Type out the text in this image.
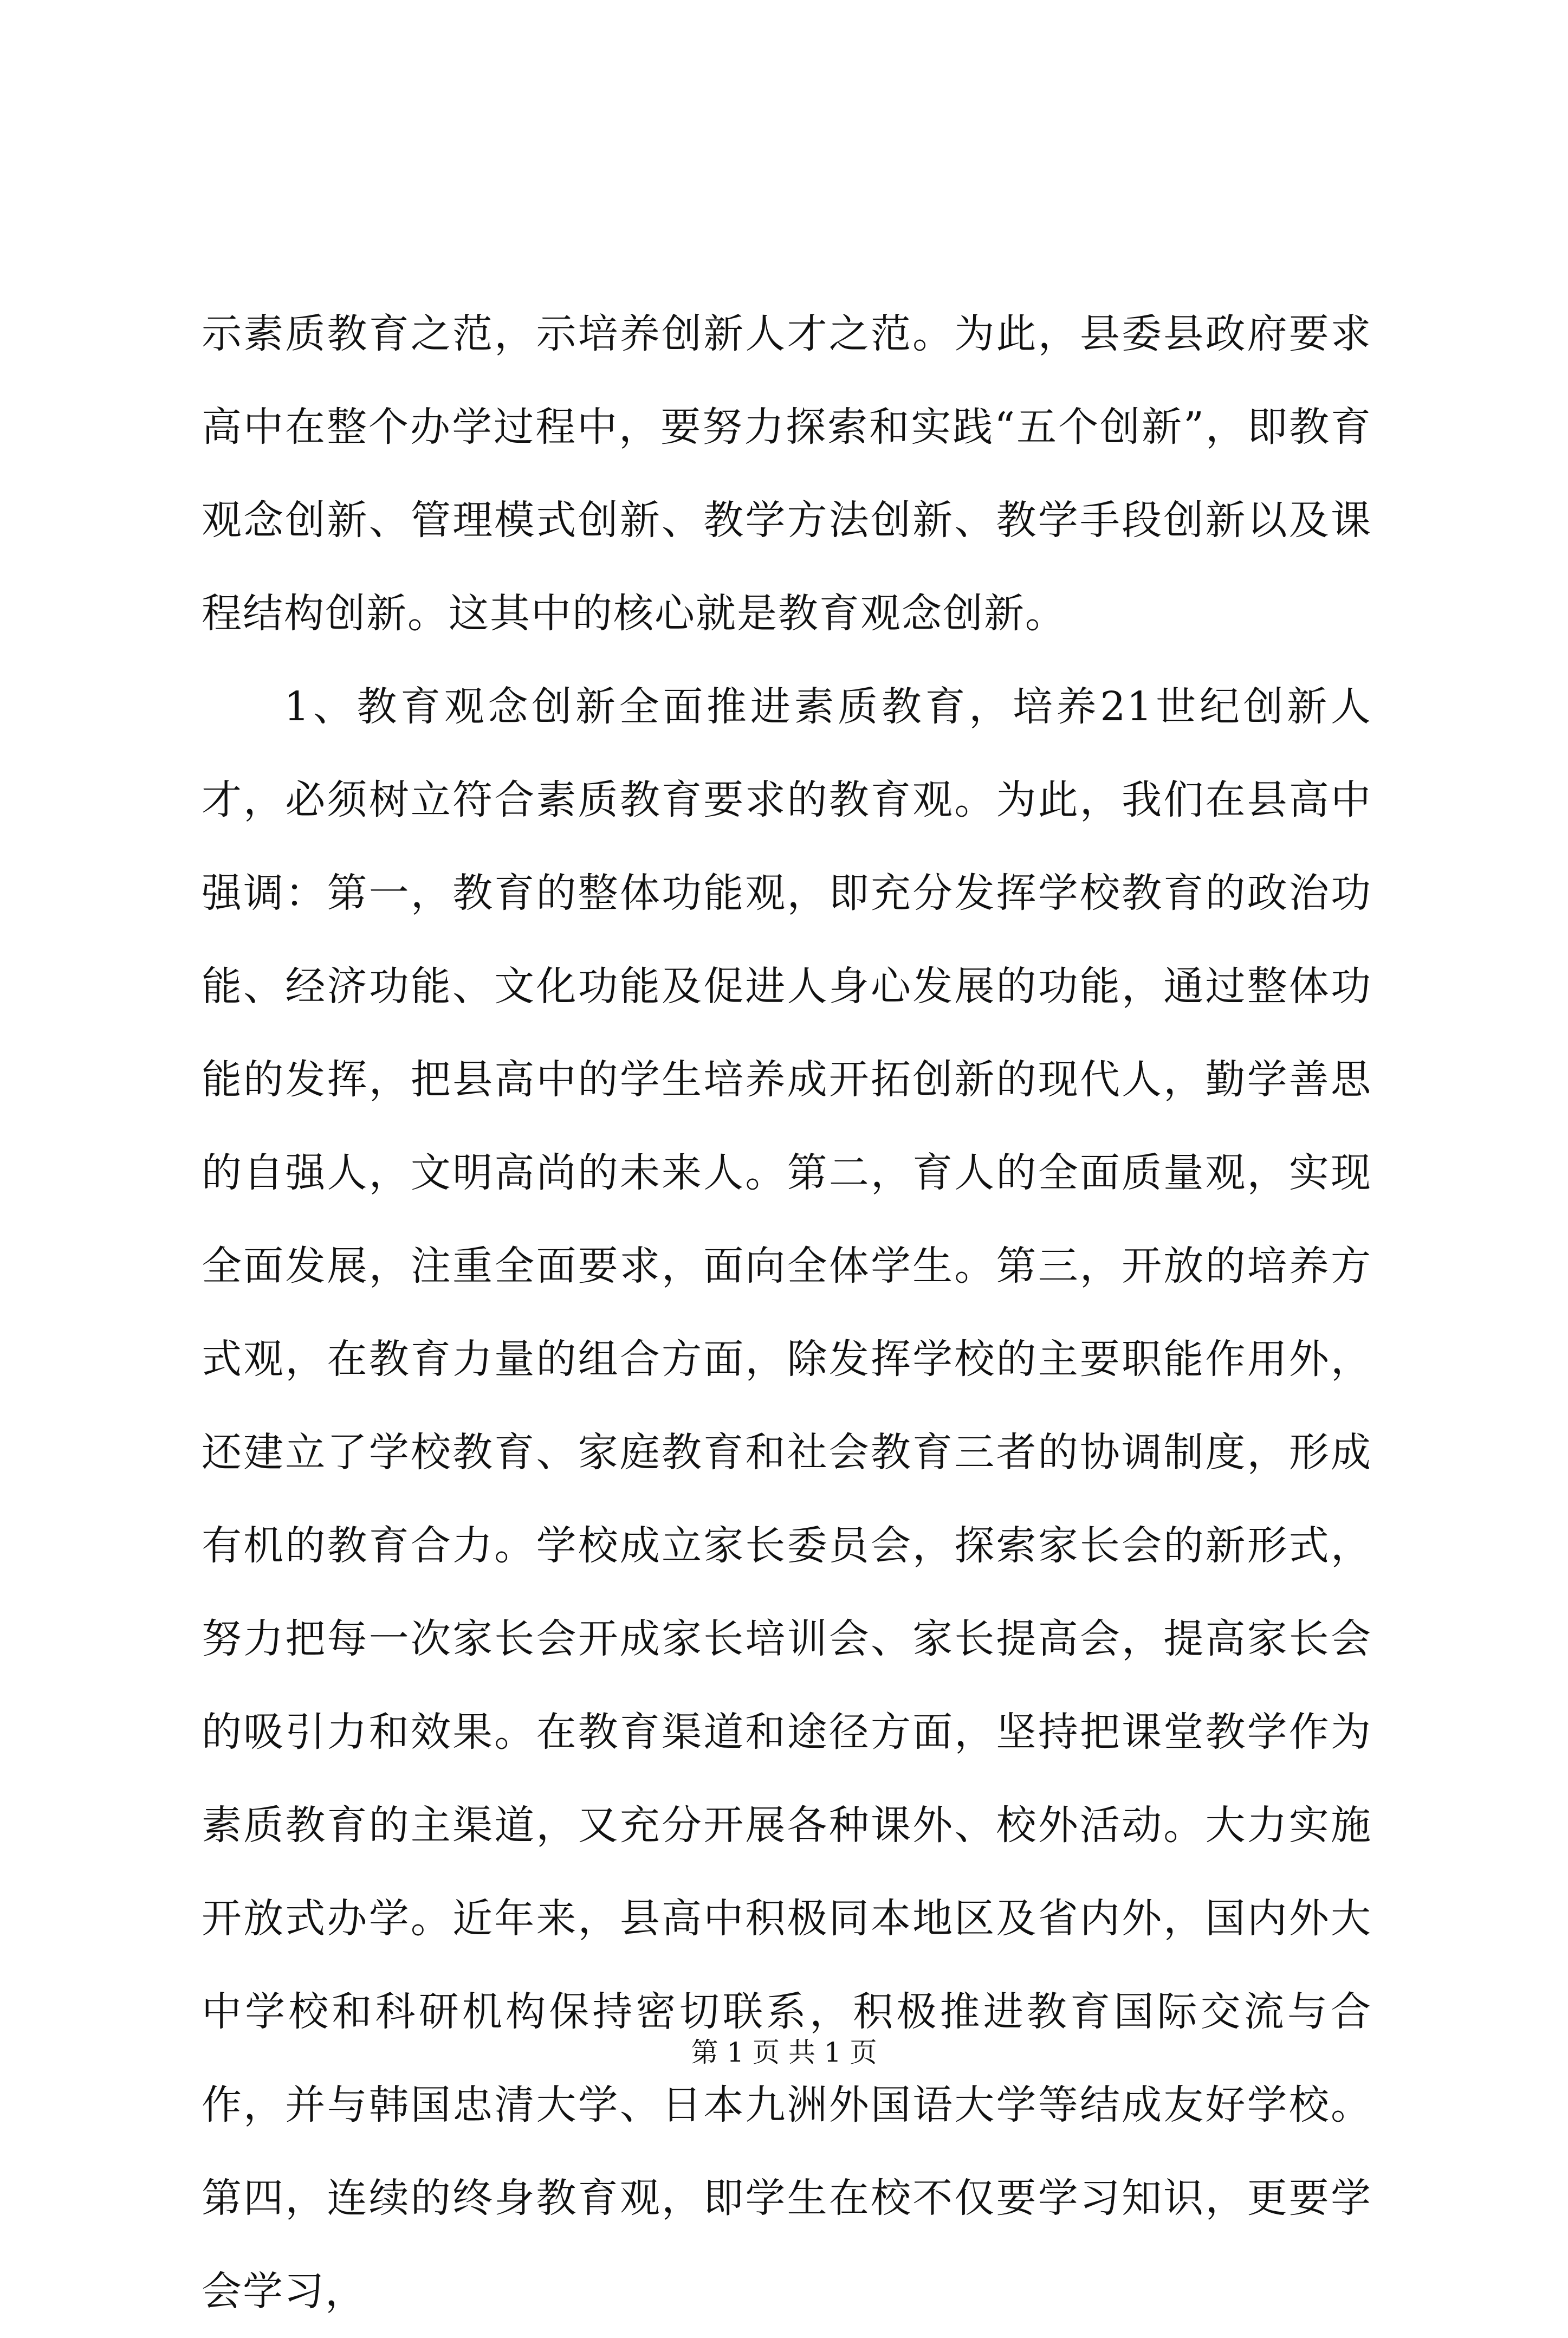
示素质教育之范，示培养创新人才之范。为此，县委县政府要求高中在整个办学过程中，要努力探索和实践“五个创新”，即教育观念创新、管理模式创新、教学方法创新、教学手段创新以及课程结构创新。这其中的核心就是教育观念创新。

1、教育观念创新全面推进素质教育，培养21世纪创新人才，必须树立符合素质教育要求的教育观。为此，我们在县高中强调：第一，教育的整体功能观，即充分发挥学校教育的政治功能、经济功能、文化功能及促进人身心发展的功能，通过整体功能的发挥，把县高中的学生培养成开拓创新的现代人，勤学善思的自强人，文明高尚的未来人。第二，育人的全面质量观，实现全面发展，注重全面要求，面向全体学生。第三，开放的培养方式观，在教育力量的组合方面，除发挥学校的主要职能作用外，还建立了学校教育、家庭教育和社会教育三者的协调制度，形成有机的教育合力。学校成立家长委员会，探索家长会的新形式，努力把每一次家长会开成家长培训会、家长提高会，提高家长会的吸引力和效果。在教育渠道和途径方面，坚持把课堂教学作为素质教育的主渠道，又充分开展各种课外、校外活动。大力实施开放式办学。近年来，县高中积极同本地区及省内外，国内外大中学校和科研机构保持密切联系，积极推进教育国际交流与合作，并与韩国忠清大学、日本九洲外国语大学等结成友好学校。第四，连续的终身教育观，即学生在校不仅要学习知识，更要学会学习，

第 1 页 共 1 页
